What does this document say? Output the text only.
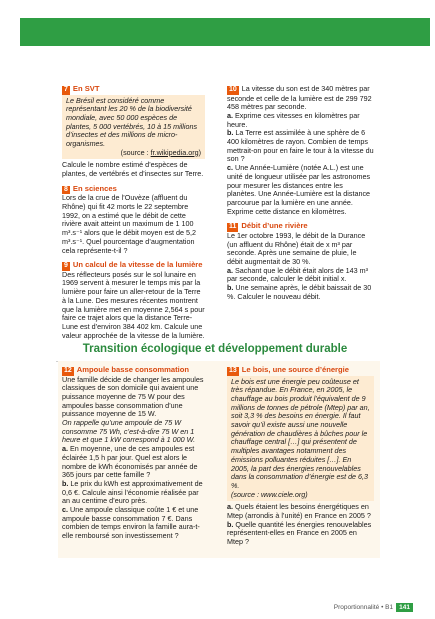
7 En SVT

Le Brésil est considéré comme représentant les 20 % de la biodiversité mondiale, avec 50 000 espèces de plantes, 5 000 vertébrés, 10 à 15 millions d’insectes et des millions de micro-organismes.
(source : fr.wikipedia.org)

Calcule le nombre estimé d’espèces de plantes, de vertébrés et d’insectes sur Terre.

8 En sciences

Lors de la crue de l’Ouvèze (affluent du Rhône) qui fit 42 morts le 22 septembre 1992, on a estimé que le débit de cette rivière avait atteint un maximum de 1 100 m³.s⁻¹ alors que le débit moyen est de 5,2 m³.s⁻¹. Quel pourcentage d’augmentation cela représente-t-il ?

9 Un calcul de la vitesse de la lumière

Des réflecteurs posés sur le sol lunaire en 1969 servent à mesurer le temps mis par la lumière pour faire un aller-retour de la Terre à la Lune. Des mesures récentes montrent que la lumière met en moyenne 2,564 s pour faire ce trajet alors que la distance Terre-Lune est d’environ 384 402 km. Calcule une valeur approchée de la vitesse de la lumière.

10 La vitesse du son est de 340 mètres par seconde et celle de la lumière est de 299 792 458 mètres par seconde.

a. Exprime ces vitesses en kilomètres par heure.

b. La Terre est assimilée à une sphère de 6 400 kilomètres de rayon. Combien de temps mettrait-on pour en faire le tour à la vitesse du son ?

c. Une Année-Lumière (notée A.L.) est une unité de longueur utilisée par les astronomes pour mesurer les distances entre les planètes. Une Année-Lumière est la distance parcourue par la lumière en une année. Exprime cette distance en kilomètres.

11 Débit d’une rivière

Le 1er octobre 1993, le débit de la Durance (un affluent du Rhône) était de x m³ par seconde. Après une semaine de pluie, le débit augmentait de 30 %.

a. Sachant que le débit était alors de 143 m³ par seconde, calculer le débit initial x.

b. Une semaine après, le débit baissait de 30 %. Calculer le nouveau débit.

Transition écologique et développement durable

12 Ampoule basse consommation

Une famille décide de changer les ampoules classiques de son domicile qui avaient une puissance moyenne de 75 W pour des ampoules basse consommation d’une puissance moyenne de 15 W.

On rappelle qu’une ampoule de 75 W consomme 75 Wh, c’est-à-dire 75 W en 1 heure et que 1 kW correspond à 1 000 W.

a. En moyenne, une de ces ampoules est éclairée 1,5 h par jour. Quel est alors le nombre de kWh économisés par année de 365 jours par cette famille ?

b. Le prix du kWh est approximativement de 0,6 €. Calcule ainsi l’économie réalisée par an au centime d’euro près.

c. Une ampoule classique coûte 1 € et une ampoule basse consommation 7 €. Dans combien de temps environ la famille aura-t-elle remboursé son investissement ?

13 Le bois, une source d’énergie

Le bois est une énergie peu coûteuse et très répandue. En France, en 2005, le chauffage au bois produit l’équivalent de 9 millions de tonnes de pétrole (Mtep) par an, soit 3,3 % des besoins en énergie. Il faut savoir qu’il existe aussi une nouvelle génération de chaudières à bûches pour le chauffage central […] qui présentent de multiples avantages notamment des émissions polluantes réduites […]. En 2005, la part des énergies renouvelables dans la consommation d’énergie est de 6,3 %.
(source : www.ciele.org)

a. Quels étaient les besoins énergétiques en Mtep (arrondis à l’unité) en France en 2005 ?

b. Quelle quantité les énergies renouvelables représentent-elles en France en 2005 en Mtep ?

Proportionnalité • B1 141
